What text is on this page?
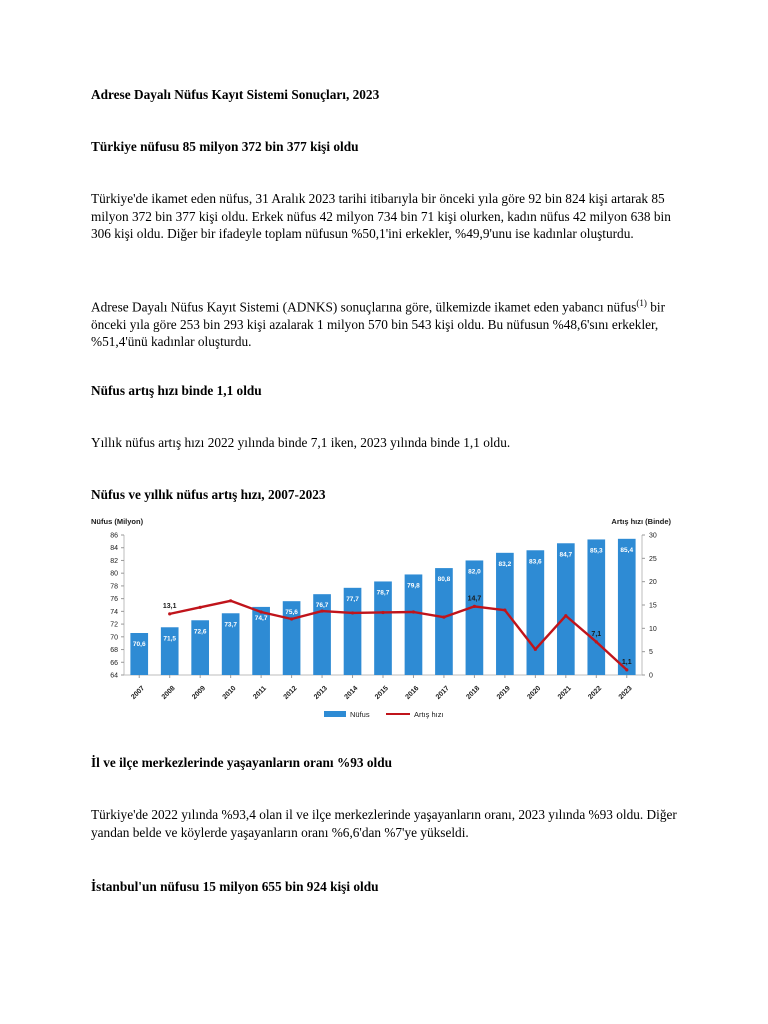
Adrese Dayalı Nüfus Kayıt Sistemi Sonuçları, 2023
Türkiye nüfusu 85 milyon 372 bin 377 kişi oldu

Türkiye'de ikamet eden nüfus, 31 Aralık 2023 tarihi itibarıyla bir önceki yıla göre 92 bin 824 kişi artarak 85 milyon 372 bin 377 kişi oldu. Erkek nüfus 42 milyon 734 bin 71 kişi olurken, kadın nüfus 42 milyon 638 bin 306 kişi oldu. Diğer bir ifadeyle toplam nüfusun %50,1'ini erkekler, %49,9'unu ise kadınlar oluşturdu.

Adrese Dayalı Nüfus Kayıt Sistemi (ADNKS) sonuçlarına göre, ülkemizde ikamet eden yabancı nüfus$^{(1)}$ bir önceki yıla göre 253 bin 293 kişi azalarak 1 milyon 570 bin 543 kişi oldu. Bu nüfusun %48,6'sını erkekler, %51,4'ünü kadınlar oluşturdu.

Nüfus artış hızı binde 1,1 oldu

Yıllık nüfus artış hızı 2022 yılında binde 7,1 iken, 2023 yılında binde 1,1 oldu.

Nüfus ve yıllık nüfus artış hızı, 2007-2023
Nüfus (Milyon)	Artış hızı (Binde)
70,6
71,5
72,6
73,7
74,7
75,6
76,7
77,7
78,7
79,8
80,8
82,0
83,2	83,6
84,7
85,3	85,4
13,1
14,7
7,1
1,1
64
66
68
70
72
74
76
78
80
82
84
86
0
5
10
15
20
25
30
2007 2008 2009 2010 2011 2012 2013 2014 2015 2016 2017 2018 2019 2020 2021 2022 2023
Nüfus	Artış hızı
İl ve ilçe merkezlerinde yaşayanların oranı %93 oldu

Türkiye'de 2022 yılında %93,4 olan il ve ilçe merkezlerinde yaşayanların oranı, 2023 yılında %93 oldu. Diğer yandan belde ve köylerde yaşayanların oranı %6,6'dan %7'ye yükseldi.

İstanbul'un nüfusu 15 milyon 655 bin 924 kişi oldu
